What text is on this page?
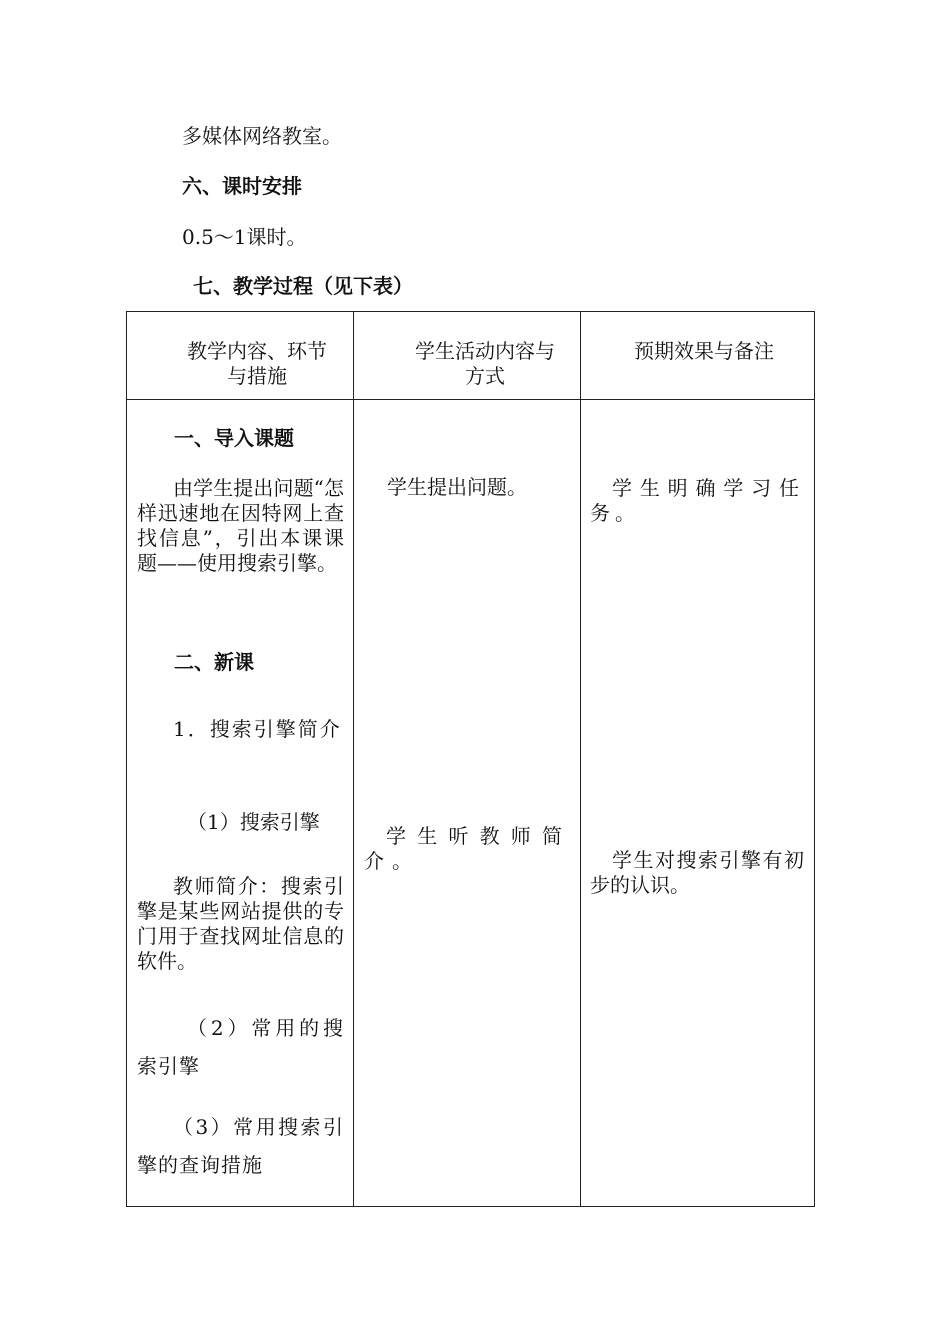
多媒体网络教室。
六、课时安排
0.5～1课时。
七、教学过程（见下表）
教学内容、环节
与措施
学生活动内容与
方式
预期效果与备注
一、导入课题
由学生提出问题“怎样迅速地在因特网上查找信息”，引出本课课题——使用搜索引擎。
二、新课
1．搜索引擎简介
（1）搜索引擎
教师简介：搜索引擎是某些网站提供的专门用于查找网址信息的软件。
（2）常用的搜索引擎
（3）常用搜索引擎的查询措施
学生提出问题。
学生听教师简介。
学生明确学习任务。
学生对搜索引擎有初步的认识。
